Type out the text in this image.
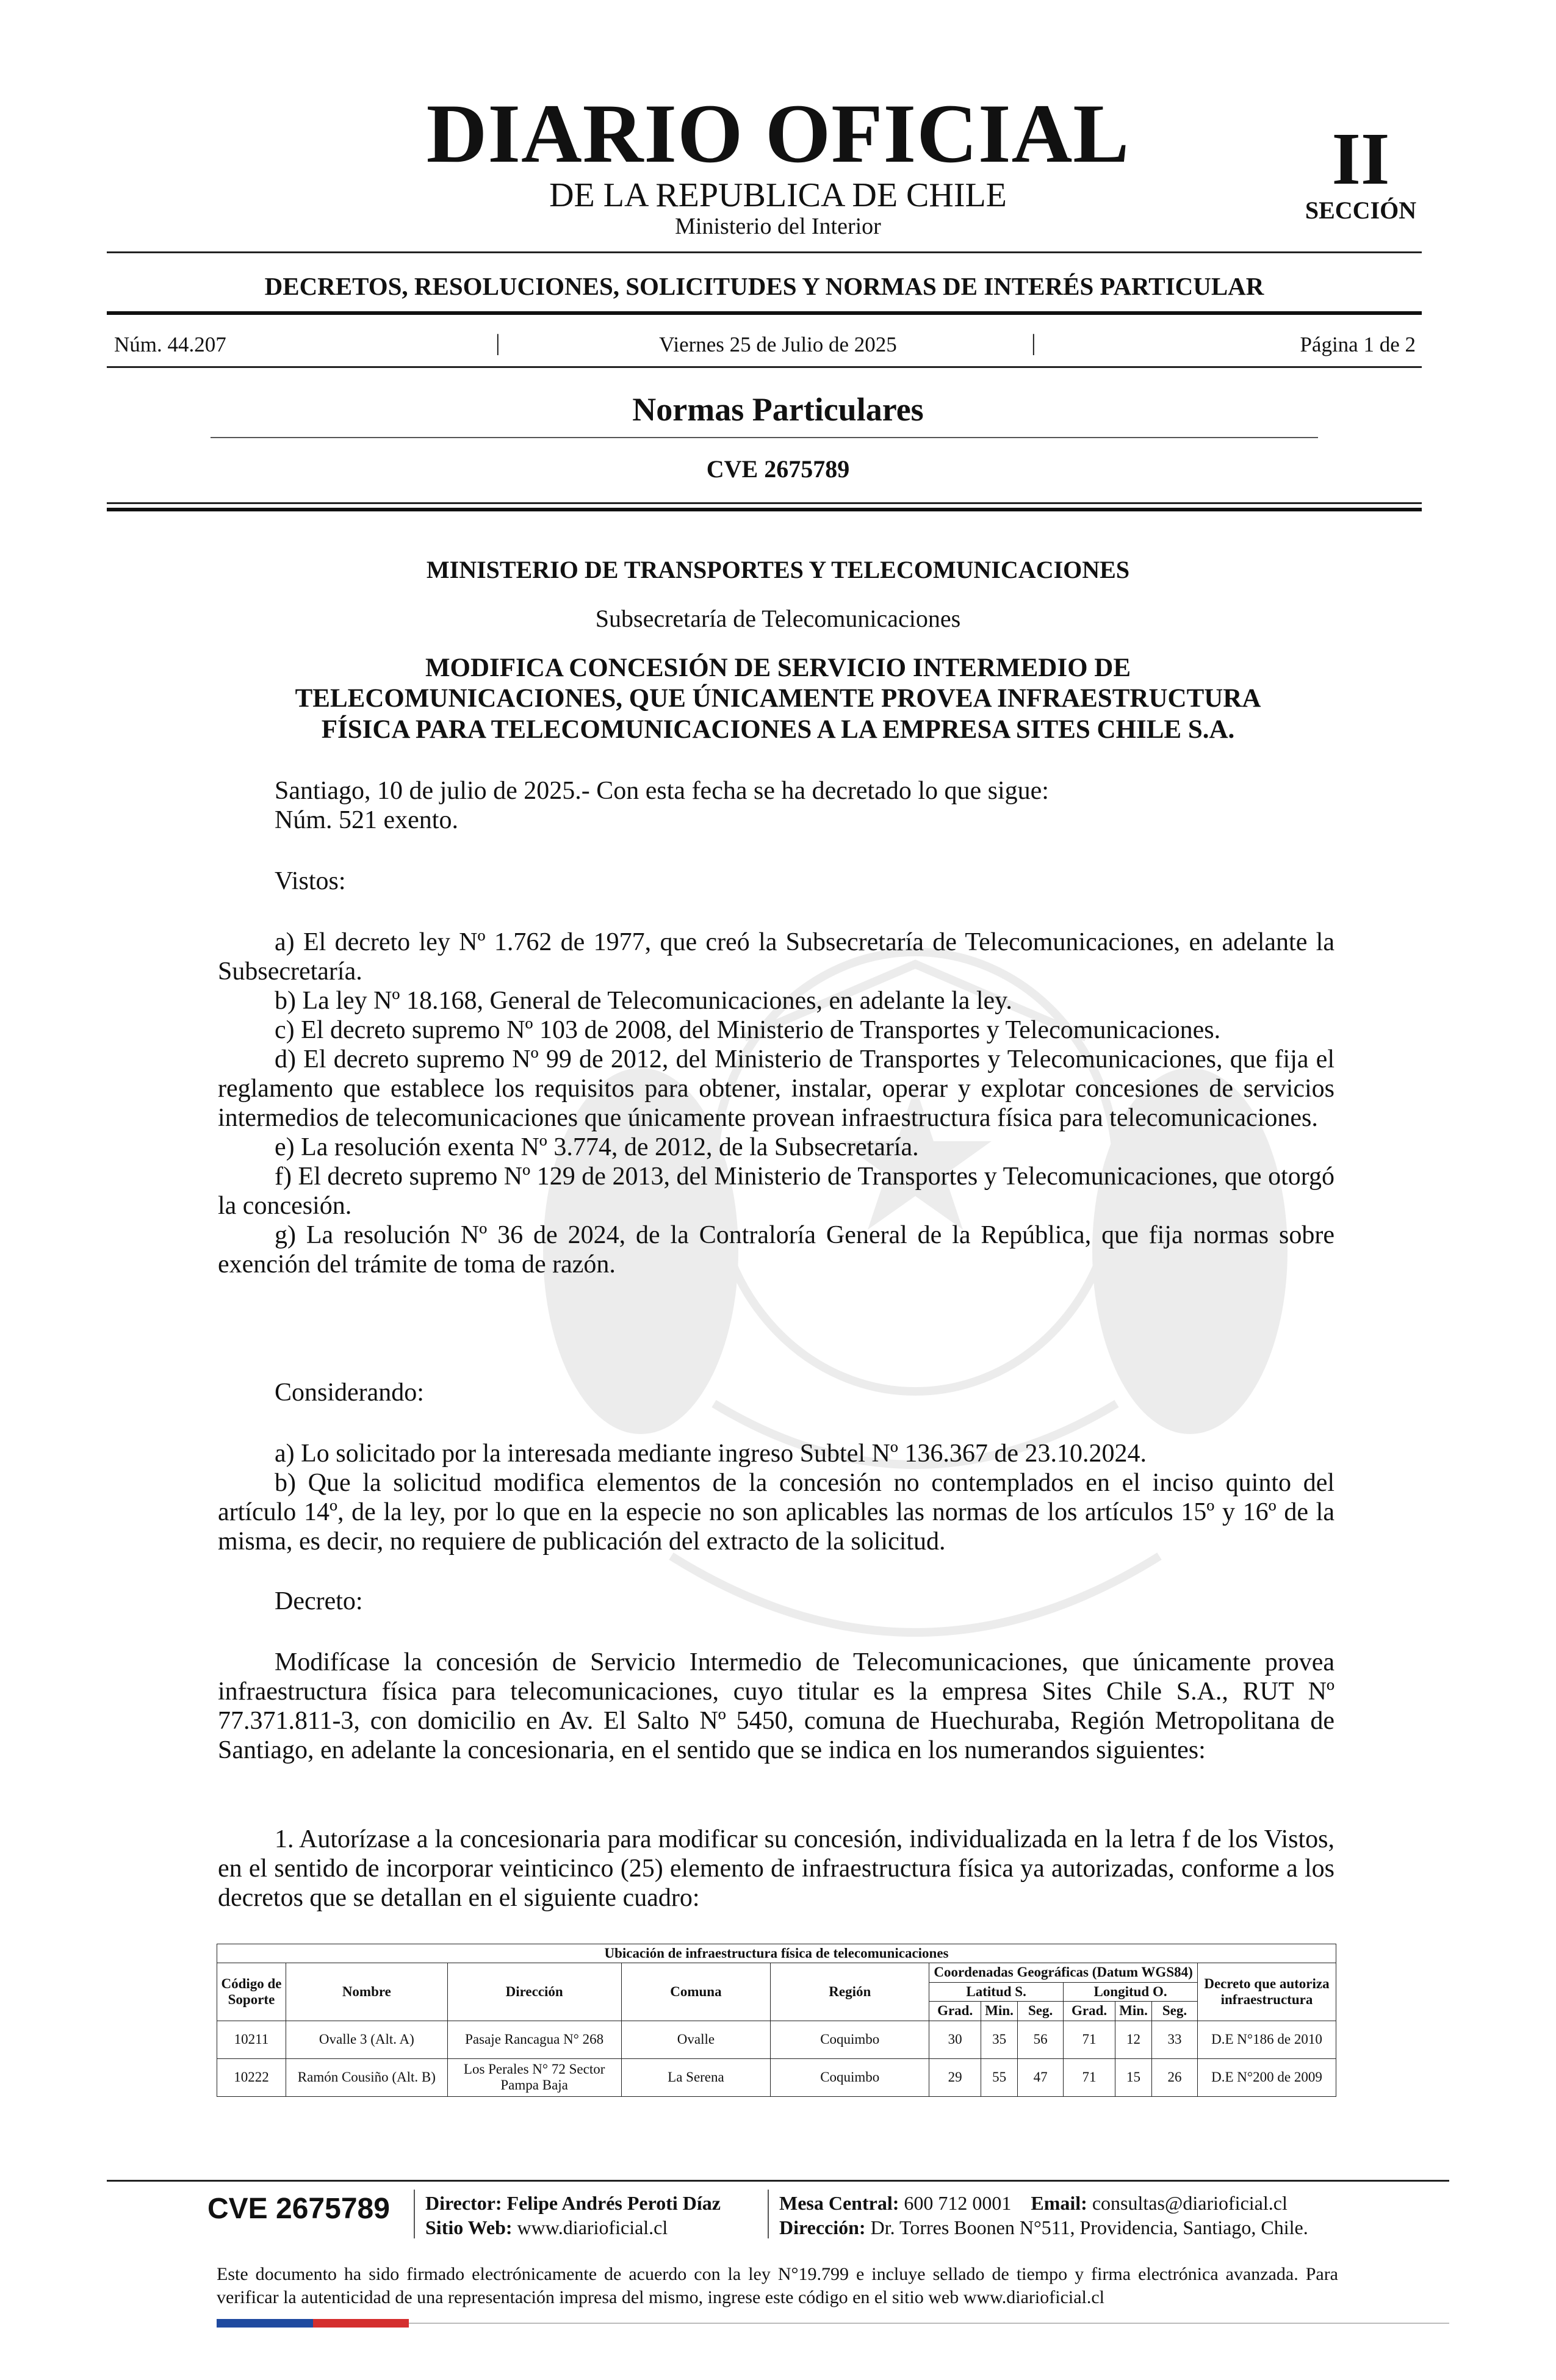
DIARIO OFICIAL
DE LA REPUBLICA DE CHILE
Ministerio del Interior
II
SECCIÓN
DECRETOS, RESOLUCIONES, SOLICITUDES Y NORMAS DE INTERÉS PARTICULAR
Núm. 44.207	|	Viernes 25 de Julio de 2025	|	Página 1 de 2
Normas Particulares
CVE 2675789
MINISTERIO DE TRANSPORTES Y TELECOMUNICACIONES
Subsecretaría de Telecomunicaciones
MODIFICA CONCESIÓN DE SERVICIO INTERMEDIO DE
TELECOMUNICACIONES, QUE ÚNICAMENTE PROVEA INFRAESTRUCTURA
FÍSICA PARA TELECOMUNICACIONES A LA EMPRESA SITES CHILE S.A.
Santiago, 10 de julio de 2025.- Con esta fecha se ha decretado lo que sigue:
Núm. 521 exento.
Vistos:

a) El decreto ley Nº 1.762 de 1977, que creó la Subsecretaría de Telecomunicaciones, en adelante la Subsecretaría.

b) La ley Nº 18.168, General de Telecomunicaciones, en adelante la ley.

c) El decreto supremo Nº 103 de 2008, del Ministerio de Transportes y Telecomunicaciones.

d) El decreto supremo Nº 99 de 2012, del Ministerio de Transportes y Telecomunicaciones, que fija el reglamento que establece los requisitos para obtener, instalar, operar y explotar concesiones de servicios intermedios de telecomunicaciones que únicamente provean infraestructura física para telecomunicaciones.

e) La resolución exenta Nº 3.774, de 2012, de la Subsecretaría.

f) El decreto supremo Nº 129 de 2013, del Ministerio de Transportes y Telecomunicaciones, que otorgó la concesión.

g) La resolución Nº 36 de 2024, de la Contraloría General de la República, que fija normas sobre exención del trámite de toma de razón.

Considerando:

a) Lo solicitado por la interesada mediante ingreso Subtel Nº 136.367 de 23.10.2024.

b) Que la solicitud modifica elementos de la concesión no contemplados en el inciso quinto del artículo 14º, de la ley, por lo que en la especie no son aplicables las normas de los artículos 15º y 16º de la misma, es decir, no requiere de publicación del extracto de la solicitud.

Decreto:

Modifícase la concesión de Servicio Intermedio de Telecomunicaciones, que únicamente provea infraestructura física para telecomunicaciones, cuyo titular es la empresa Sites Chile S.A., RUT Nº 77.371.811-3, con domicilio en Av. El Salto Nº 5450, comuna de Huechuraba, Región Metropolitana de Santiago, en adelante la concesionaria, en el sentido que se indica en los numerandos siguientes:

1. Autorízase a la concesionaria para modificar su concesión, individualizada en la letra f de los Vistos, en el sentido de incorporar veinticinco (25) elemento de infraestructura física ya autorizadas, conforme a los decretos que se detallan en el siguiente cuadro:

Ubicación de infraestructura física de telecomunicaciones											
Código de Soporte	Nombre	Dirección	Comuna	Región	Coordenadas Geográficas (Datum WGS84)						Decreto que autoriza infraestructura
					Latitud S.			Longitud O.			
					Grad.	Min.	Seg.	Grad.	Min.	Seg.	
10211	Ovalle 3 (Alt. A)	Pasaje Rancagua N° 268	Ovalle	Coquimbo	30	35	56	71	12	33	D.E N°186 de 2010
10222	Ramón Cousiño (Alt. B)	Los Perales N° 72 Sector Pampa Baja	La Serena	Coquimbo	29	55	47	71	15	26	D.E N°200 de 2009
CVE 2675789 Director: Felipe Andrés Peroti Díaz
Sitio Web: www.diarioficial.cl
Mesa Central: 600 712 0001 Email: consultas@diarioficial.cl
Dirección: Dr. Torres Boonen N°511, Providencia, Santiago, Chile.
Este documento ha sido firmado electrónicamente de acuerdo con la ley N°19.799 e incluye sellado de tiempo y firma electrónica avanzada. Para verificar la autenticidad de una representación impresa del mismo, ingrese este código en el sitio web www.diarioficial.cl
